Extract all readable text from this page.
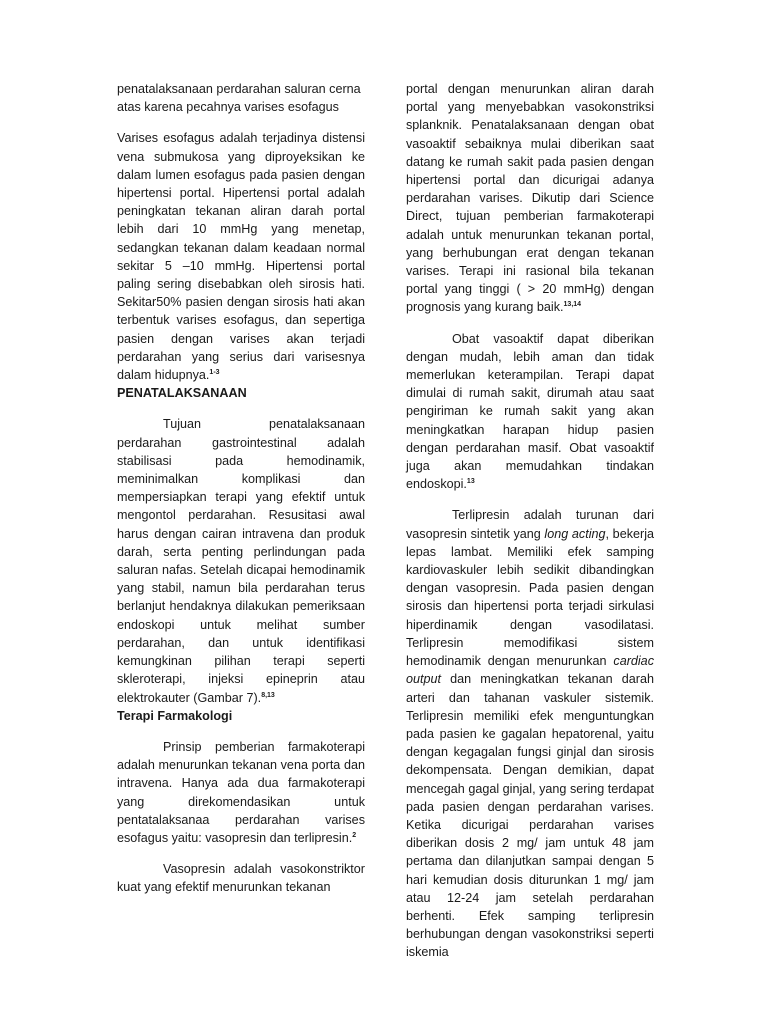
penatalaksanaan perdarahan saluran cerna atas karena pecahnya varises esofagus

Varises esofagus adalah terjadinya distensi vena submukosa yang diproyeksikan ke dalam lumen esofagus pada pasien dengan hipertensi portal. Hipertensi portal adalah peningkatan tekanan aliran darah portal lebih dari 10 mmHg yang menetap, sedangkan tekanan dalam keadaan normal sekitar 5 –10 mmHg. Hipertensi portal paling sering disebabkan oleh sirosis hati. Sekitar50% pasien dengan sirosis hati akan terbentuk varises esofagus, dan sepertiga pasien dengan varises akan terjadi perdarahan yang serius dari varisesnya dalam hidupnya.$^{1-3}$

PENATALAKSANAAN

Tujuan penatalaksanaan perdarahan gastrointestinal adalah stabilisasi pada hemodinamik, meminimalkan komplikasi dan mempersiapkan terapi yang efektif untuk mengontol perdarahan. Resusitasi awal harus dengan cairan intravena dan produk darah, serta penting perlindungan pada saluran nafas. Setelah dicapai hemodinamik yang stabil, namun bila perdarahan terus berlanjut hendaknya dilakukan pemeriksaan endoskopi untuk melihat sumber perdarahan, dan untuk identifikasi kemungkinan pilihan terapi seperti skleroterapi, injeksi epineprin atau elektrokauter (Gambar 7).$^{8,13}$

Terapi Farmakologi

Prinsip pemberian farmakoterapi adalah menurunkan tekanan vena porta dan intravena. Hanya ada dua farmakoterapi yang direkomendasikan untuk pentatalaksanaa perdarahan varises esofagus yaitu: vasopresin dan terlipresin.$^2$

Vasopresin adalah vasokonstriktor kuat yang efektif menurunkan tekanan

portal dengan menurunkan aliran darah portal yang menyebabkan vasokonstriksi splanknik. Penatalaksanaan dengan obat vasoaktif sebaiknya mulai diberikan saat datang ke rumah sakit pada pasien dengan hipertensi portal dan dicurigai adanya perdarahan varises. Dikutip dari Science Direct, tujuan pemberian farmakoterapi adalah untuk menurunkan tekanan portal, yang berhubungan erat dengan tekanan varises. Terapi ini rasional bila tekanan portal yang tinggi ( > 20 mmHg) dengan prognosis yang kurang baik.$^{13,14}$

Obat vasoaktif dapat diberikan dengan mudah, lebih aman dan tidak memerlukan keterampilan. Terapi dapat dimulai di rumah sakit, dirumah atau saat pengiriman ke rumah sakit yang akan meningkatkan harapan hidup pasien dengan perdarahan masif. Obat vasoaktif juga akan memudahkan tindakan endoskopi.$^{13}$

Terlipresin adalah turunan dari vasopresin sintetik yang long acting, bekerja lepas lambat. Memiliki efek samping kardiovaskuler lebih sedikit dibandingkan dengan vasopresin. Pada pasien dengan sirosis dan hipertensi porta terjadi sirkulasi hiperdinamik dengan vasodilatasi. Terlipresin memodifikasi sistem hemodinamik dengan menurunkan cardiac output dan meningkatkan tekanan darah arteri dan tahanan vaskuler sistemik. Terlipresin memiliki efek menguntungkan pada pasien ke gagalan hepatorenal, yaitu dengan kegagalan fungsi ginjal dan sirosis dekompensata. Dengan demikian, dapat mencegah gagal ginjal, yang sering terdapat pada pasien dengan perdarahan varises. Ketika dicurigai perdarahan varises diberikan dosis 2 mg/ jam untuk 48 jam pertama dan dilanjutkan sampai dengan 5 hari kemudian dosis diturunkan 1 mg/ jam atau 12-24 jam setelah perdarahan berhenti. Efek samping terlipresin berhubungan dengan vasokonstriksi seperti iskemia
